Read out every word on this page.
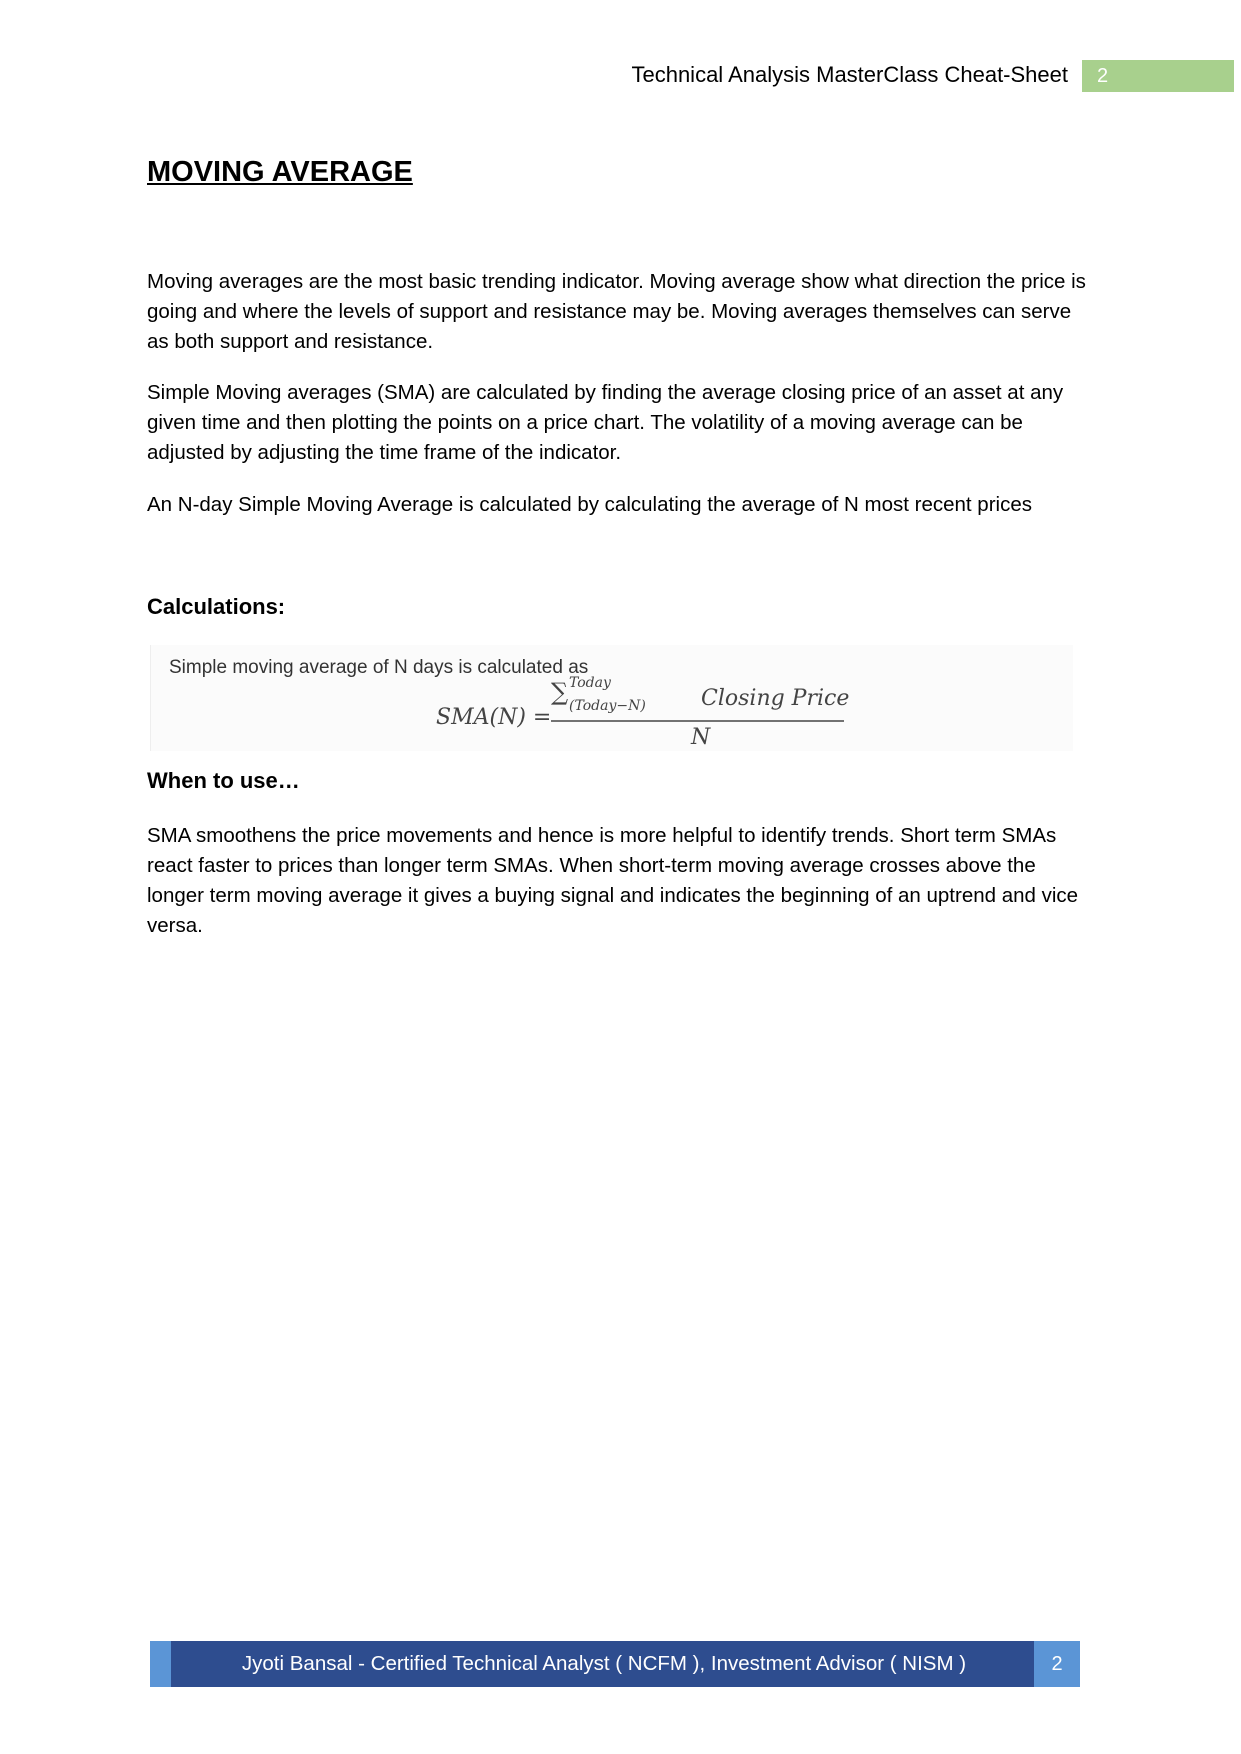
Technical Analysis MasterClass Cheat-Sheet	2
MOVING AVERAGE

Moving averages are the most basic trending indicator. Moving average show what direction the price is going and where the levels of support and resistance may be. Moving averages themselves can serve as both support and resistance.

Simple Moving averages (SMA) are calculated by finding the average closing price of an asset at any given time and then plotting the points on a price chart. The volatility of a moving average can be adjusted by adjusting the time frame of the indicator.

An N-day Simple Moving Average is calculated by calculating the average of N most recent prices

Calculations:
Simple moving average of N days is calculated as
SMA(N) =
∑ Today
(Today−N)	Closing Price
N
When to use…

SMA smoothens the price movements and hence is more helpful to identify trends. Short term SMAs react faster to prices than longer term SMAs. When short-term moving average crosses above the longer term moving average it gives a buying signal and indicates the beginning of an uptrend and vice versa.

Jyoti Bansal - Certified Technical Analyst ( NCFM ), Investment Advisor ( NISM )	2
